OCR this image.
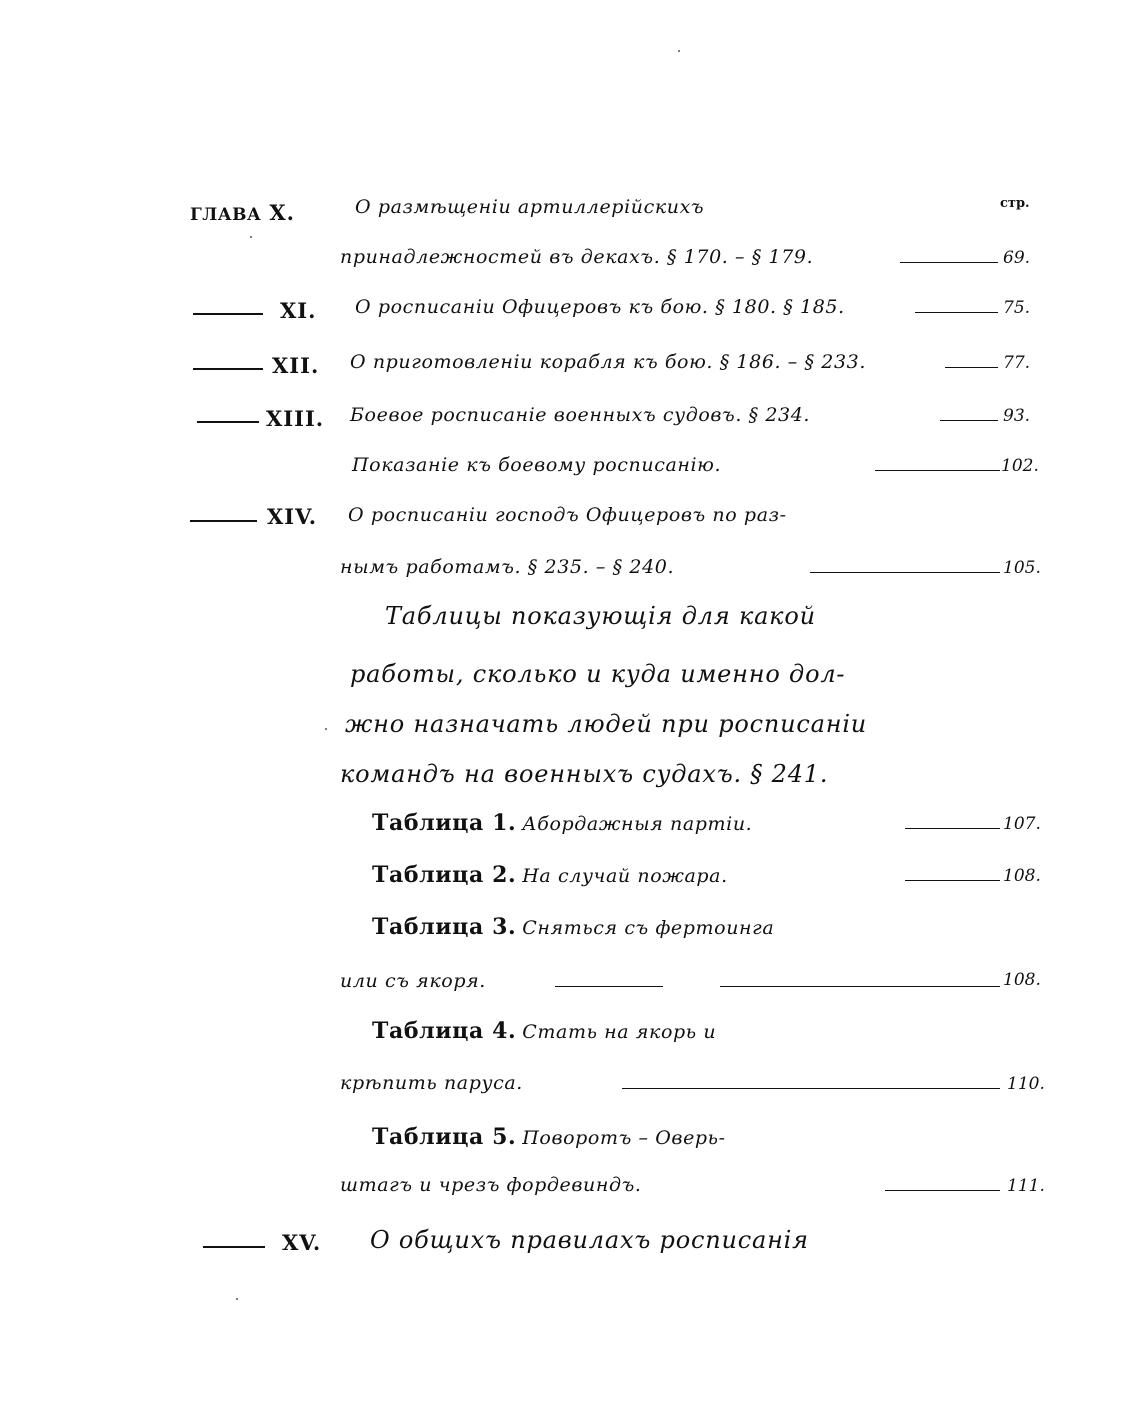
стр.
ГЛАВА X.	О размѣщеніи артиллерійскихъ
принадлежностей въ декахъ. § 170. – § 179.	69.
XI. О росписаніи Офицеровъ къ бою. § 180. § 185.	75.
XII. О приготовленіи корабля къ бою. § 186. – § 233.	77.
XIII. Боевое росписаніе военныхъ судовъ. § 234.	93.
Показаніе къ боевому росписанію.	102.
XIV. О росписаніи господъ Офицеровъ по раз-
нымъ работамъ. § 235. – § 240.	105.
Таблицы показующія для какой
работы, сколько и куда именно дол-
жно назначать людей при росписаніи
командъ на военныхъ судахъ. § 241.
Таблица 1. Абордажныя партіи.	107.
Таблица 2. На случай пожара.	108.
Таблица 3. Сняться съ фертоинга
или съ якоря.	108.
Таблица 4. Стать на якорь и
крѣпить паруса.	110.
Таблица 5. Поворотъ – Оверь-
штагъ и чрезъ фордевиндъ.	111.
XV. О общихъ правилахъ росписанія
